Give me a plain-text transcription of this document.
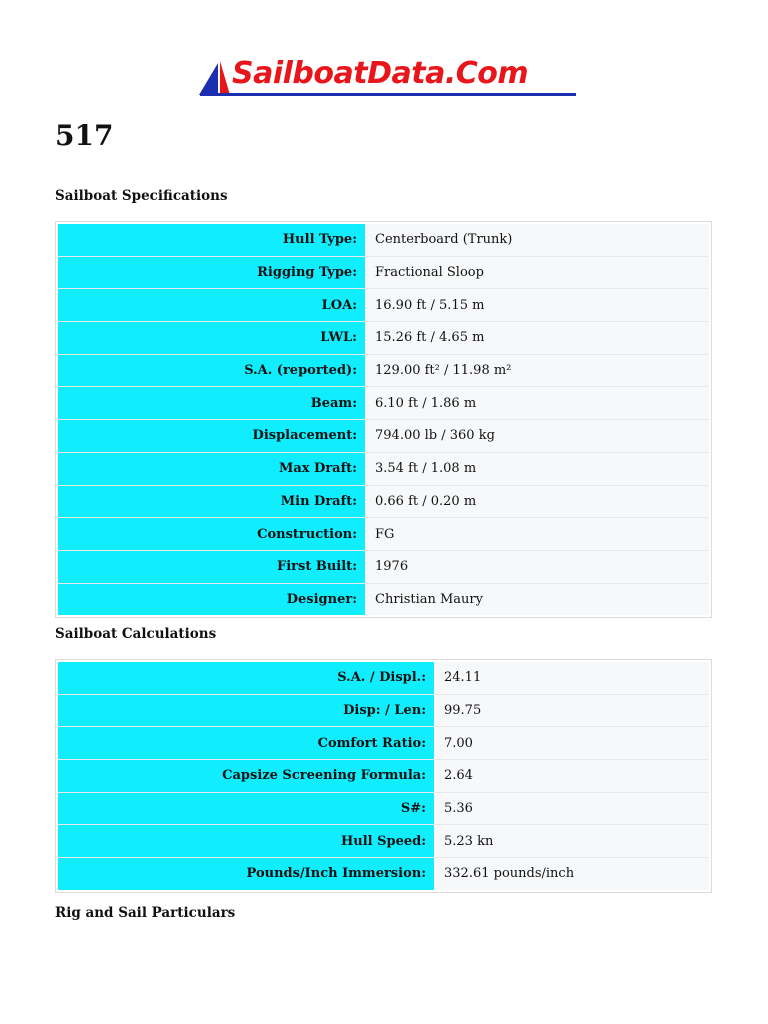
SailboatData.Com
517
Sailboat Specifications
Hull Type:	Centerboard (Trunk)
Rigging Type:	Fractional Sloop
LOA:	16.90 ft / 5.15 m
LWL:	15.26 ft / 4.65 m
S.A. (reported):	129.00 ft² / 11.98 m²
Beam:	6.10 ft / 1.86 m
Displacement:	794.00 lb / 360 kg
Max Draft:	3.54 ft / 1.08 m
Min Draft:	0.66 ft / 0.20 m
Construction:	FG
First Built:	1976
Designer:	Christian Maury
Sailboat Calculations
S.A. / Displ.:	24.11
Disp: / Len:	99.75
Comfort Ratio:	7.00
Capsize Screening Formula:	2.64
S#:	5.36
Hull Speed:	5.23 kn
Pounds/Inch Immersion:	332.61 pounds/inch
Rig and Sail Particulars
